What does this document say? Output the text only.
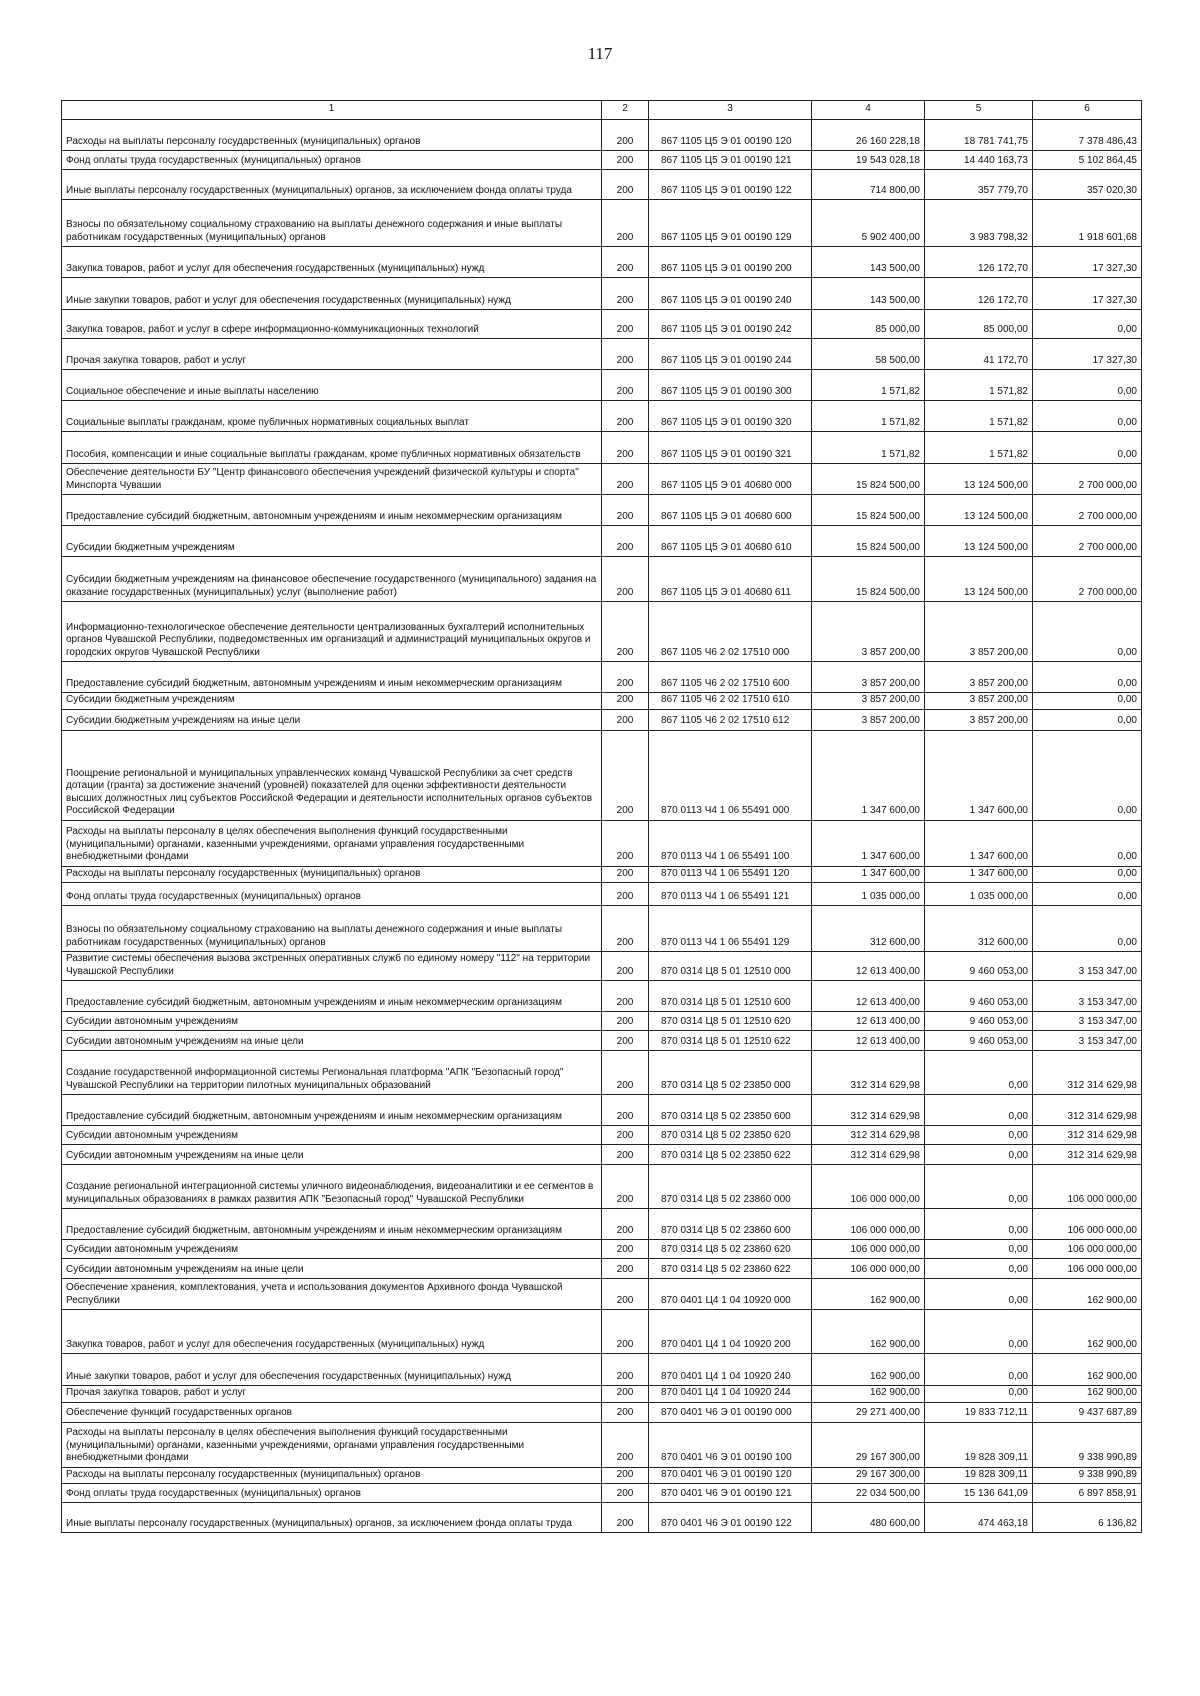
117
1	2	3	4	5	6
Расходы на выплаты персоналу государственных (муниципальных) органов	200	867 1105 Ц5 Э 01 00190 120	26 160 228,18	18 781 741,75	7 378 486,43
Фонд оплаты труда государственных (муниципальных) органов	200	867 1105 Ц5 Э 01 00190 121	19 543 028,18	14 440 163,73	5 102 864,45
Иные выплаты персоналу государственных (муниципальных) органов, за исключением фонда оплаты труда	200	867 1105 Ц5 Э 01 00190 122	714 800,00	357 779,70	357 020,30
Взносы по обязательному социальному страхованию на выплаты денежного содержания и иные выплаты работникам государственных (муниципальных) органов	200	867 1105 Ц5 Э 01 00190 129	5 902 400,00	3 983 798,32	1 918 601,68
Закупка товаров, работ и услуг для обеспечения государственных (муниципальных) нужд	200	867 1105 Ц5 Э 01 00190 200	143 500,00	126 172,70	17 327,30
Иные закупки товаров, работ и услуг для обеспечения государственных (муниципальных) нужд	200	867 1105 Ц5 Э 01 00190 240	143 500,00	126 172,70	17 327,30
Закупка товаров, работ и услуг в сфере информационно-коммуникационных технологий	200	867 1105 Ц5 Э 01 00190 242	85 000,00	85 000,00	0,00
Прочая закупка товаров, работ и услуг	200	867 1105 Ц5 Э 01 00190 244	58 500,00	41 172,70	17 327,30
Социальное обеспечение и иные выплаты населению	200	867 1105 Ц5 Э 01 00190 300	1 571,82	1 571,82	0,00
Социальные выплаты гражданам, кроме публичных нормативных социальных выплат	200	867 1105 Ц5 Э 01 00190 320	1 571,82	1 571,82	0,00
Пособия, компенсации и иные социальные выплаты гражданам, кроме публичных нормативных обязательств	200	867 1105 Ц5 Э 01 00190 321	1 571,82	1 571,82	0,00
Обеспечение деятельности БУ "Центр финансового обеспечения учреждений физической культуры и спорта" Минспорта Чувашии	200	867 1105 Ц5 Э 01 40680 000	15 824 500,00	13 124 500,00	2 700 000,00
Предоставление субсидий бюджетным, автономным учреждениям и иным некоммерческим организациям	200	867 1105 Ц5 Э 01 40680 600	15 824 500,00	13 124 500,00	2 700 000,00
Субсидии бюджетным учреждениям	200	867 1105 Ц5 Э 01 40680 610	15 824 500,00	13 124 500,00	2 700 000,00
Субсидии бюджетным учреждениям на финансовое обеспечение государственного (муниципального) задания на оказание государственных (муниципальных) услуг (выполнение работ)	200	867 1105 Ц5 Э 01 40680 611	15 824 500,00	13 124 500,00	2 700 000,00
Информационно-технологическое обеспечение деятельности централизованных бухгалтерий исполнительных органов Чувашской Республики, подведомственных им организаций и администраций муниципальных округов и городских округов Чувашской Республики	200	867 1105 Ч6 2 02 17510 000	3 857 200,00	3 857 200,00	0,00
Предоставление субсидий бюджетным, автономным учреждениям и иным некоммерческим организациям	200	867 1105 Ч6 2 02 17510 600	3 857 200,00	3 857 200,00	0,00
Субсидии бюджетным учреждениям	200	867 1105 Ч6 2 02 17510 610	3 857 200,00	3 857 200,00	0,00
Субсидии бюджетным учреждениям на иные цели	200	867 1105 Ч6 2 02 17510 612	3 857 200,00	3 857 200,00	0,00
Поощрение региональной и муниципальных управленческих команд Чувашской Республики за счет средств дотации (гранта) за достижение значений (уровней) показателей для оценки эффективности деятельности высших должностных лиц субъектов Российской Федерации и деятельности исполнительных органов субъектов Российской Федерации	200	870 0113 Ч4 1 06 55491 000	1 347 600,00	1 347 600,00	0,00
Расходы на выплаты персоналу в целях обеспечения выполнения функций государственными (муниципальными) органами, казенными учреждениями, органами управления государственными внебюджетными фондами	200	870 0113 Ч4 1 06 55491 100	1 347 600,00	1 347 600,00	0,00
Расходы на выплаты персоналу государственных (муниципальных) органов	200	870 0113 Ч4 1 06 55491 120	1 347 600,00	1 347 600,00	0,00
Фонд оплаты труда государственных (муниципальных) органов	200	870 0113 Ч4 1 06 55491 121	1 035 000,00	1 035 000,00	0,00
Взносы по обязательному социальному страхованию на выплаты денежного содержания и иные выплаты работникам государственных (муниципальных) органов	200	870 0113 Ч4 1 06 55491 129	312 600,00	312 600,00	0,00
Развитие системы обеспечения вызова экстренных оперативных служб по единому номеру "112" на территории Чувашской Республики	200	870 0314 Ц8 5 01 12510 000	12 613 400,00	9 460 053,00	3 153 347,00
Предоставление субсидий бюджетным, автономным учреждениям и иным некоммерческим организациям	200	870 0314 Ц8 5 01 12510 600	12 613 400,00	9 460 053,00	3 153 347,00
Субсидии автономным учреждениям	200	870 0314 Ц8 5 01 12510 620	12 613 400,00	9 460 053,00	3 153 347,00
Субсидии автономным учреждениям на иные цели	200	870 0314 Ц8 5 01 12510 622	12 613 400,00	9 460 053,00	3 153 347,00
Создание государственной информационной системы Региональная платформа "АПК "Безопасный город" Чувашской Республики на территории пилотных муниципальных образований	200	870 0314 Ц8 5 02 23850 000	312 314 629,98	0,00	312 314 629,98
Предоставление субсидий бюджетным, автономным учреждениям и иным некоммерческим организациям	200	870 0314 Ц8 5 02 23850 600	312 314 629,98	0,00	312 314 629,98
Субсидии автономным учреждениям	200	870 0314 Ц8 5 02 23850 620	312 314 629,98	0,00	312 314 629,98
Субсидии автономным учреждениям на иные цели	200	870 0314 Ц8 5 02 23850 622	312 314 629,98	0,00	312 314 629,98
Создание региональной интеграционной системы уличного видеонаблюдения, видеоаналитики и ее сегментов в муниципальных образованиях в рамках развития АПК "Безопасный город" Чувашской Республики	200	870 0314 Ц8 5 02 23860 000	106 000 000,00	0,00	106 000 000,00
Предоставление субсидий бюджетным, автономным учреждениям и иным некоммерческим организациям	200	870 0314 Ц8 5 02 23860 600	106 000 000,00	0,00	106 000 000,00
Субсидии автономным учреждениям	200	870 0314 Ц8 5 02 23860 620	106 000 000,00	0,00	106 000 000,00
Субсидии автономным учреждениям на иные цели	200	870 0314 Ц8 5 02 23860 622	106 000 000,00	0,00	106 000 000,00
Обеспечение хранения, комплектования, учета и использования документов Архивного фонда Чувашской Республики	200	870 0401 Ц4 1 04 10920 000	162 900,00	0,00	162 900,00
Закупка товаров, работ и услуг для обеспечения государственных (муниципальных) нужд	200	870 0401 Ц4 1 04 10920 200	162 900,00	0,00	162 900,00
Иные закупки товаров, работ и услуг для обеспечения государственных (муниципальных) нужд	200	870 0401 Ц4 1 04 10920 240	162 900,00	0,00	162 900,00
Прочая закупка товаров, работ и услуг	200	870 0401 Ц4 1 04 10920 244	162 900,00	0,00	162 900,00
Обеспечение функций государственных органов	200	870 0401 Ч6 Э 01 00190 000	29 271 400,00	19 833 712,11	9 437 687,89
Расходы на выплаты персоналу в целях обеспечения выполнения функций государственными (муниципальными) органами, казенными учреждениями, органами управления государственными внебюджетными фондами	200	870 0401 Ч6 Э 01 00190 100	29 167 300,00	19 828 309,11	9 338 990,89
Расходы на выплаты персоналу государственных (муниципальных) органов	200	870 0401 Ч6 Э 01 00190 120	29 167 300,00	19 828 309,11	9 338 990,89
Фонд оплаты труда государственных (муниципальных) органов	200	870 0401 Ч6 Э 01 00190 121	22 034 500,00	15 136 641,09	6 897 858,91
Иные выплаты персоналу государственных (муниципальных) органов, за исключением фонда оплаты труда	200	870 0401 Ч6 Э 01 00190 122	480 600,00	474 463,18	6 136,82
